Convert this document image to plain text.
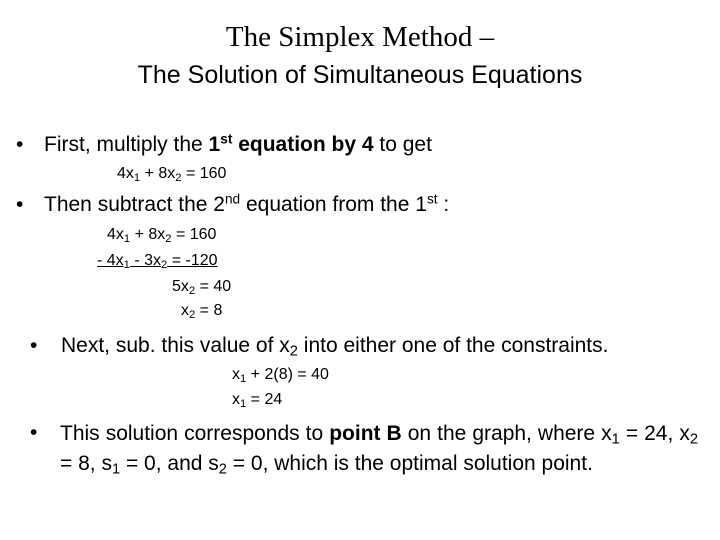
The Simplex Method –
The Solution of Simultaneous Equations
• First, multiply the 1st equation by 4 to get
$4x_1 + 8x_2 = 160$
• Then subtract the 2nd equation from the 1st :
$4x_1 + 8x_2 = 160$
- $4x_1 - 3x_2 = -120$
$5x_2 = 40$
$x_2 = 8$
• Next, sub. this value of $x_2$ into either one of the constraints.
$x_1 + 2(8) = 40$
$x_1 = 24$
• This solution corresponds to point B on the graph, where $x_1 = 24$, $x_2 = 8$, $s_1 = 0$, and $s_2 = 0$, which is the optimal solution point.
